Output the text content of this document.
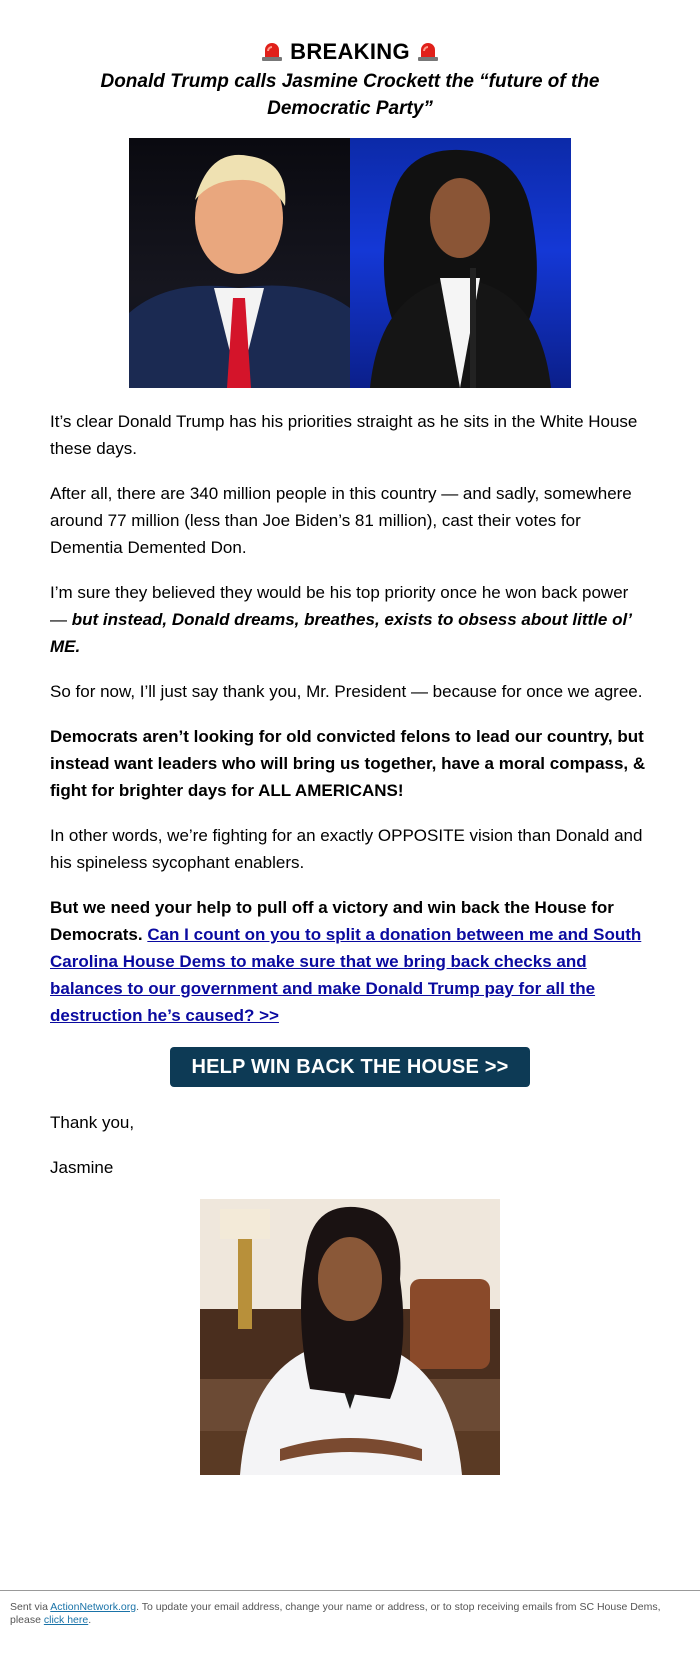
BREAKING
Donald Trump calls Jasmine Crockett the “future of the Democratic Party”

It’s clear Donald Trump has his priorities straight as he sits in the White House these days.

After all, there are 340 million people in this country — and sadly, somewhere around 77 million (less than Joe Biden’s 81 million), cast their votes for Dementia Demented Don.

I’m sure they believed they would be his top priority once he won back power — but instead, Donald dreams, breathes, exists to obsess about little ol’ ME.

So for now, I’ll just say thank you, Mr. President — because for once we agree.

Democrats aren’t looking for old convicted felons to lead our country, but instead want leaders who will bring us together, have a moral compass, & fight for brighter days for ALL AMERICANS!

In other words, we’re fighting for an exactly OPPOSITE vision than Donald and his spineless sycophant enablers.

But we need your help to pull off a victory and win back the House for Democrats. Can I count on you to split a donation between me and South Carolina House Dems to make sure that we bring back checks and balances to our government and make Donald Trump pay for all the destruction he’s caused? >>

HELP WIN BACK THE HOUSE >>

Thank you,

Jasmine

Sent via ActionNetwork.org. To update your email address, change your name or address, or to stop receiving emails from SC House Dems, please click here.
